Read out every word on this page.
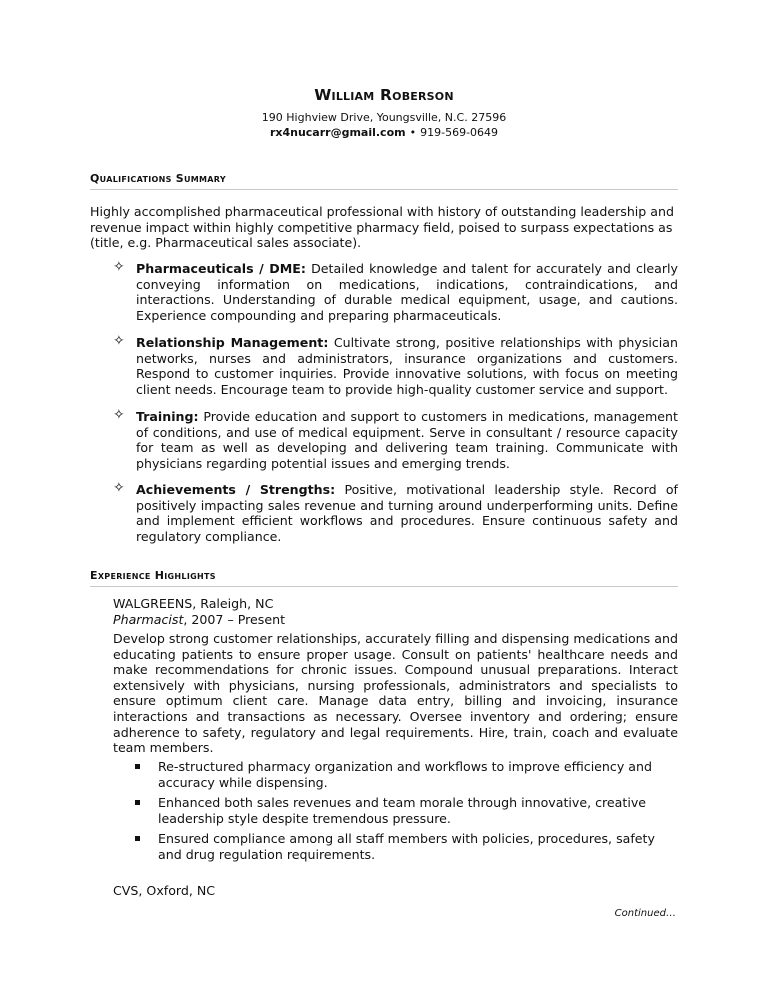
William Roberson
190 Highview Drive, Youngsville, N.C. 27596
rx4nucarr@gmail.com • 919-569-0649
Qualifications Summary
Highly accomplished pharmaceutical professional with history of outstanding leadership and revenue impact within highly competitive pharmacy field, poised to surpass expectations as (title, e.g. Pharmaceutical sales associate).
✧ Pharmaceuticals / DME: Detailed knowledge and talent for accurately and clearly conveying information on medications, indications, contraindications, and interactions. Understanding of durable medical equipment, usage, and cautions. Experience compounding and preparing pharmaceuticals.
✧ Relationship Management: Cultivate strong, positive relationships with physician networks, nurses and administrators, insurance organizations and customers. Respond to customer inquiries. Provide innovative solutions, with focus on meeting client needs. Encourage team to provide high-quality customer service and support.
✧ Training: Provide education and support to customers in medications, management of conditions, and use of medical equipment. Serve in consultant / resource capacity for team as well as developing and delivering team training. Communicate with physicians regarding potential issues and emerging trends.
✧ Achievements / Strengths: Positive, motivational leadership style. Record of positively impacting sales revenue and turning around underperforming units. Define and implement efficient workflows and procedures. Ensure continuous safety and regulatory compliance.
Experience Highlights
WALGREENS, Raleigh, NC
Pharmacist, 2007 – Present
Develop strong customer relationships, accurately filling and dispensing medications and educating patients to ensure proper usage. Consult on patients' healthcare needs and make recommendations for chronic issues. Compound unusual preparations. Interact extensively with physicians, nursing professionals, administrators and specialists to ensure optimum client care. Manage data entry, billing and invoicing, insurance interactions and transactions as necessary. Oversee inventory and ordering; ensure adherence to safety, regulatory and legal requirements. Hire, train, coach and evaluate team members.
Re-structured pharmacy organization and workflows to improve efficiency and accuracy while dispensing.
Enhanced both sales revenues and team morale through innovative, creative leadership style despite tremendous pressure.
Ensured compliance among all staff members with policies, procedures, safety and drug regulation requirements.
CVS, Oxford, NC
Continued…
